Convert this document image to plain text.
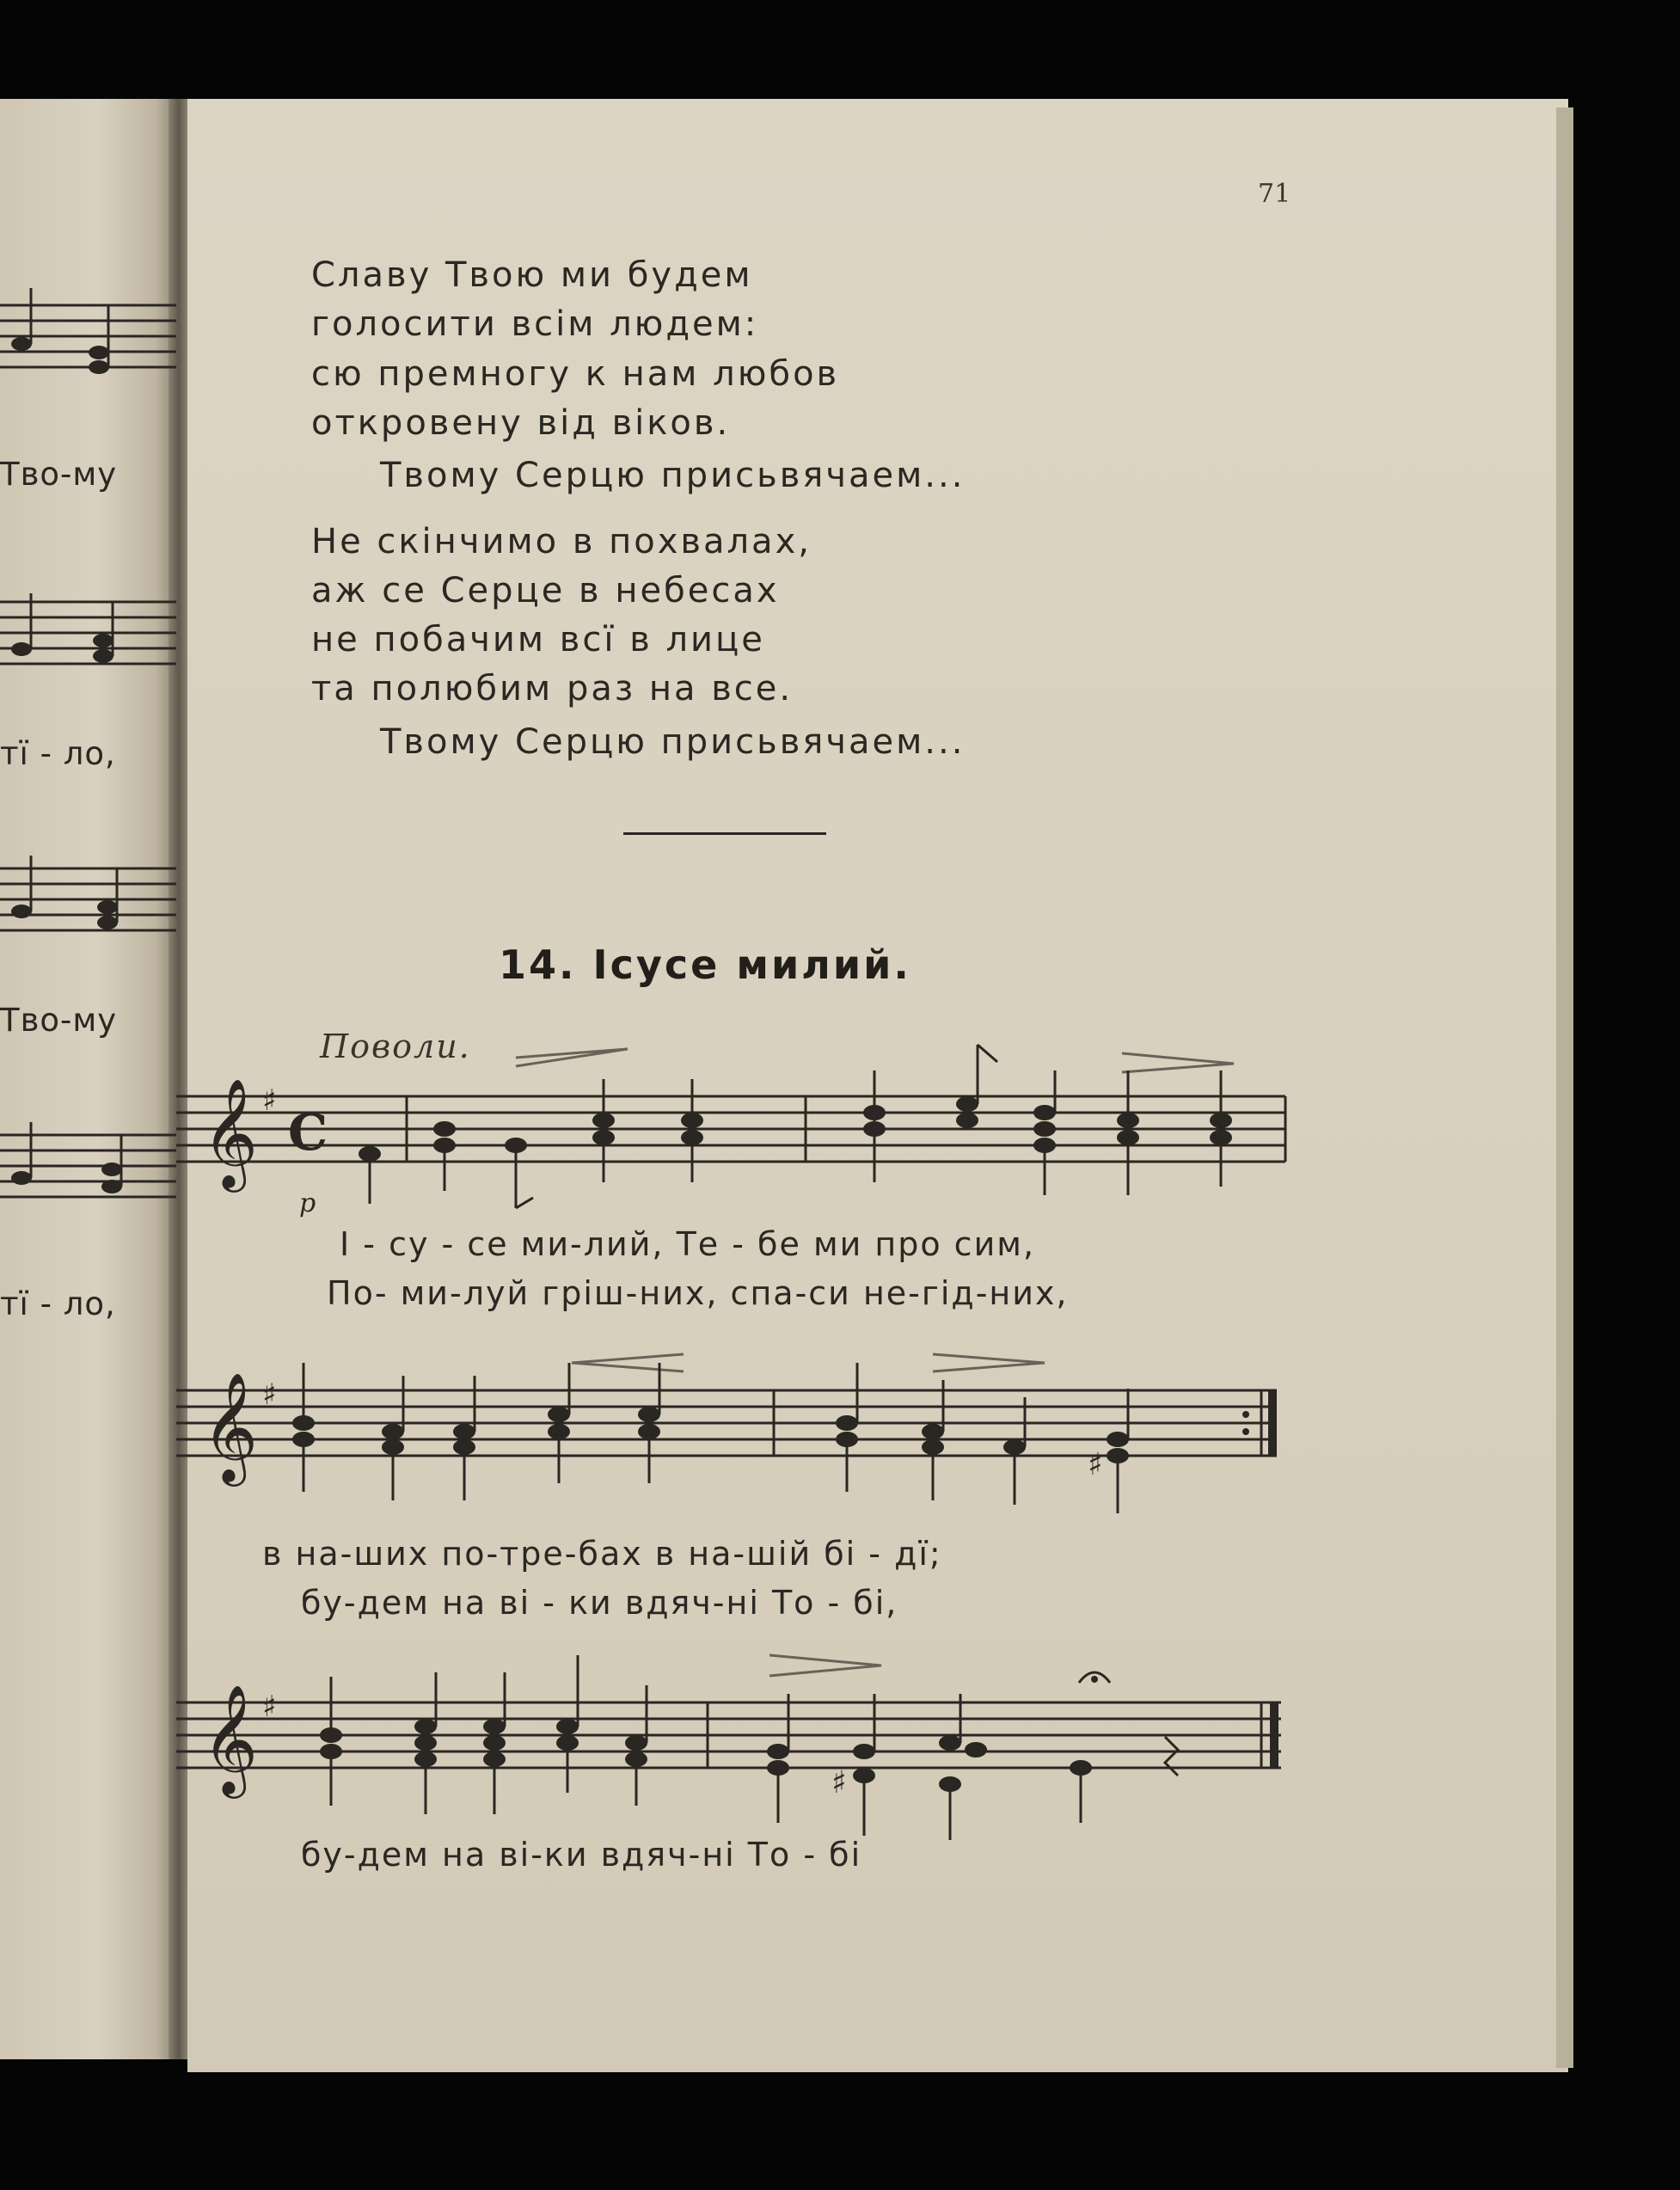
Тво-му
тї - ло,
Тво-му
тї - ло,
71
Славу Твою ми будем
голосити всім людем:
сю премногу к нам любов
откровену від віков.
Твому Серцю присьвячаем...
Не скінчимо в похвалах,
аж се Серце в небесах
не побачим всї в лице
та полюбим раз на все.
Твому Серцю присьвячаем...
14. Ісусе милий.
Поволи.
p
𝄞 ♯
C
І - су - се ми-лий, Те - бе ми про сим,
По- ми-луй гріш-них, спа-си не-гід-них,
𝄞 ♯
♯
в на-ших по-тре-бах в на-шій бі - дї;
бу-дем на ві - ки вдяч-ні То - бі,
𝄞 ♯
♯
бу-дем на ві-ки вдяч-ні То - бі
